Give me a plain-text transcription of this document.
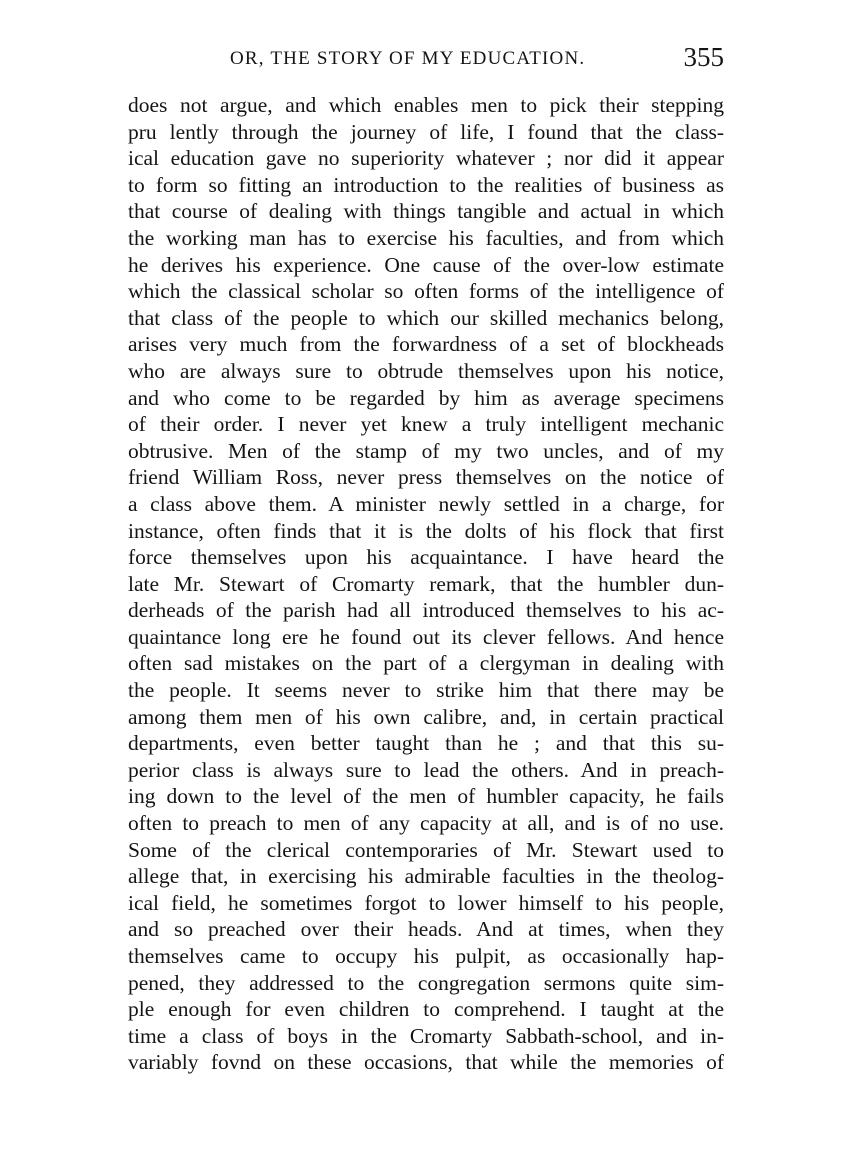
OR, THE STORY OF MY EDUCATION.	355
does not argue, and which enables men to pick their stepping
pru lently through the journey of life, I found that the class-
ical education gave no superiority whatever ; nor did it appear
to form so fitting an introduction to the realities of business as
that course of dealing with things tangible and actual in which
the working man has to exercise his faculties, and from which
he derives his experience. One cause of the over-low estimate
which the classical scholar so often forms of the intelligence of
that class of the people to which our skilled mechanics belong,
arises very much from the forwardness of a set of blockheads
who are always sure to obtrude themselves upon his notice,
and who come to be regarded by him as average specimens
of their order. I never yet knew a truly intelligent mechanic
obtrusive. Men of the stamp of my two uncles, and of my
friend William Ross, never press themselves on the notice of
a class above them. A minister newly settled in a charge, for
instance, often finds that it is the dolts of his flock that first
force themselves upon his acquaintance. I have heard the
late Mr. Stewart of Cromarty remark, that the humbler dun-
derheads of the parish had all introduced themselves to his ac-
quaintance long ere he found out its clever fellows. And hence
often sad mistakes on the part of a clergyman in dealing with
the people. It seems never to strike him that there may be
among them men of his own calibre, and, in certain practical
departments, even better taught than he ; and that this su-
perior class is always sure to lead the others. And in preach-
ing down to the level of the men of humbler capacity, he fails
often to preach to men of any capacity at all, and is of no use.
Some of the clerical contemporaries of Mr. Stewart used to
allege that, in exercising his admirable faculties in the theolog-
ical field, he sometimes forgot to lower himself to his people,
and so preached over their heads. And at times, when they
themselves came to occupy his pulpit, as occasionally hap-
pened, they addressed to the congregation sermons quite sim-
ple enough for even children to comprehend. I taught at the
time a class of boys in the Cromarty Sabbath-school, and in-
variably fovnd on these occasions, that while the memories of
